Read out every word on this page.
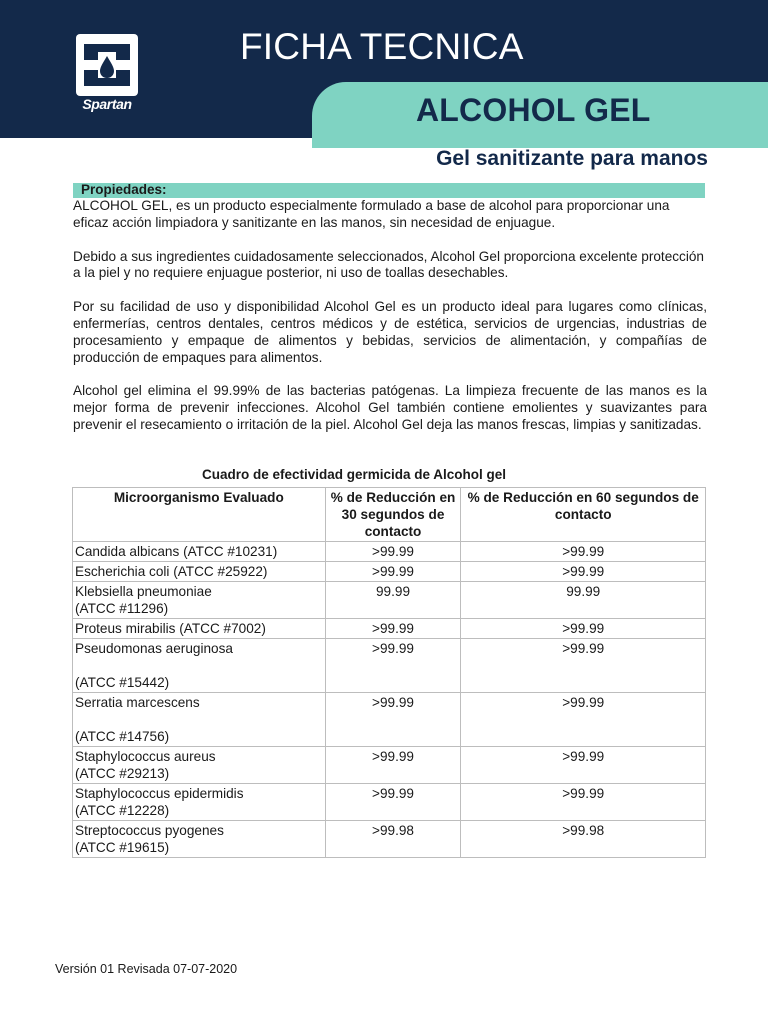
Spartan
FICHA TECNICA
ALCOHOL GEL
Gel sanitizante para manos
Propiedades:

ALCOHOL GEL, es un producto especialmente formulado a base de alcohol para proporcionar una eficaz acción limpiadora y sanitizante en las manos, sin necesidad de enjuague.

Debido a sus ingredientes cuidadosamente seleccionados, Alcohol Gel proporciona excelente protección a la piel y no requiere enjuague posterior, ni uso de toallas desechables.

Por su facilidad de uso y disponibilidad Alcohol Gel es un producto ideal para lugares como clínicas, enfermerías, centros dentales, centros médicos y de estética, servicios de urgencias, industrias de procesamiento y empaque de alimentos y bebidas, servicios de alimentación, y compañías de producción de empaques para alimentos.

Alcohol gel elimina el 99.99% de las bacterias patógenas. La limpieza frecuente de las manos es la mejor forma de prevenir infecciones. Alcohol Gel también contiene emolientes y suavizantes para prevenir el resecamiento o irritación de la piel. Alcohol Gel deja las manos frescas, limpias y sanitizadas.

Cuadro de efectividad germicida de Alcohol gel
Microorganismo Evaluado	% de Reducción en 30 segundos de contacto	% de Reducción en 60 segundos de contacto
Candida albicans (ATCC #10231)	>99.99	>99.99
Escherichia coli (ATCC #25922)	>99.99	>99.99

Klebsiella pneumoniae
(ATCC #11296)	99.99	99.99
Proteus mirabilis (ATCC #7002)	>99.99	>99.99

Pseudomonas aeruginosa
(ATCC #15442)	>99.99	>99.99

Serratia marcescens
(ATCC #14756)	>99.99	>99.99

Staphylococcus aureus
(ATCC #29213)	>99.99	>99.99

Staphylococcus epidermidis
(ATCC #12228)	>99.99	>99.99

Streptococcus pyogenes
(ATCC #19615)	>99.98	>99.98
Versión 01 Revisada 07-07-2020
